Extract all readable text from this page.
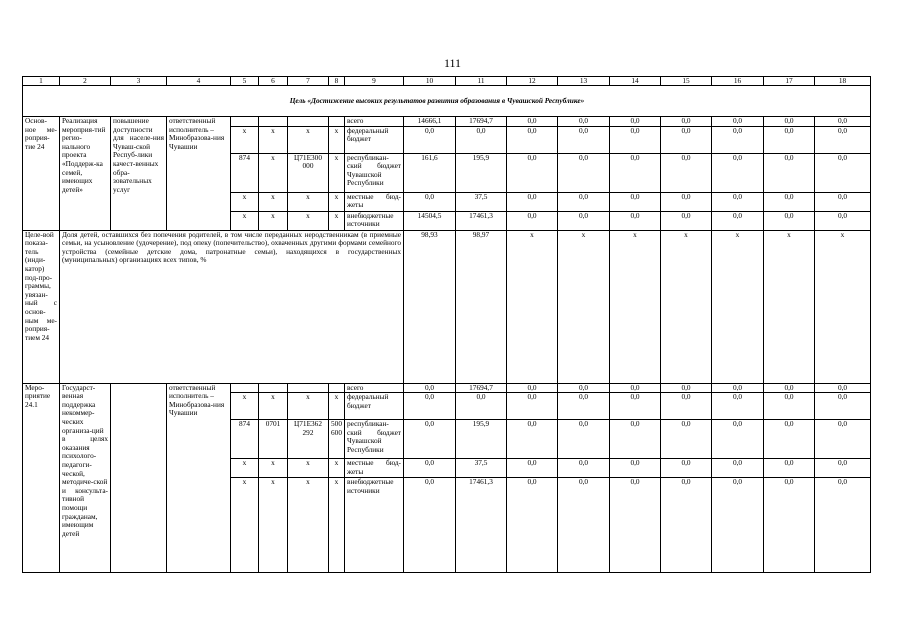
111
1	2	3	4	5	6	7	8	9	10	11	12	13	14	15	16	17	18
	Цель «Достижение высоких результатов развития образования в Чувашской Республике»																
Основ-ное ме-роприя-тие 24	Реализация мероприя-тий регио-нального проекта «Поддерж-ка семей, имеющих детей»	повышение доступности для населе-ния Чуваш-ской Респуб-лики качест-венных обра-зовательных услуг	ответственный исполнитель – Минобразова-ния Чувашии					всего	14666,1	17694,7	0,0	0,0	0,0	0,0	0,0	0,0	0,0
				x	x	x	x	федеральный бюджет	0,0	0,0	0,0	0,0	0,0	0,0	0,0	0,0	0,0
				874	x	Ц71Е300 000	x	республикан-ский бюджет Чувашской Республики	161,6	195,9	0,0	0,0	0,0	0,0	0,0	0,0	0,0
				x	x	x	x	местные бюд-жеты	0,0	37,5	0,0	0,0	0,0	0,0	0,0	0,0	0,0
				x	x	x	x	внебюджетные источники	14504,5	17461,3	0,0	0,0	0,0	0,0	0,0	0,0	0,0
Целе-вой показа-тель (инди-катор) под-про-граммы, увязан-ный с основ-ным ме-роприя-тием 24	Доля детей, оставшихся без попечения родителей, в том числе переданных неродственникам (в приемные семьи, на усыновление (удочерение), под опеку (попечительство), охваченных другими формами семейного устройства (семейные детские дома, патронатные семьи), находящихся в государственных (муниципальных) организациях всех типов, %								98,93	98,97	x	x	x	x	x	x	x
Меро-приятие 24.1	Государст-венная поддержка некоммер-ческих организа-ций в целях оказания психолого-педагоги-ческой, методиче-ской и консульта-тивной помощи гражданам, имеющим детей		ответственный исполнитель – Минобразова-ния Чувашии					всего	0,0	17694,7	0,0	0,0	0,0	0,0	0,0	0,0	0,0
				x	x	x	x	федеральный бюджет	0,0	0,0	0,0	0,0	0,0	0,0	0,0	0,0	0,0
				874	0701	Ц71Е362 292	500 600	республикан-ский бюджет Чувашской Республики	0,0	195,9	0,0	0,0	0,0	0,0	0,0	0,0	0,0
				x	x	x	x	местные бюд-жеты	0,0	37,5	0,0	0,0	0,0	0,0	0,0	0,0	0,0
				x	x	x	x	внебюджетные источники	0,0	17461,3	0,0	0,0	0,0	0,0	0,0	0,0	0,0
